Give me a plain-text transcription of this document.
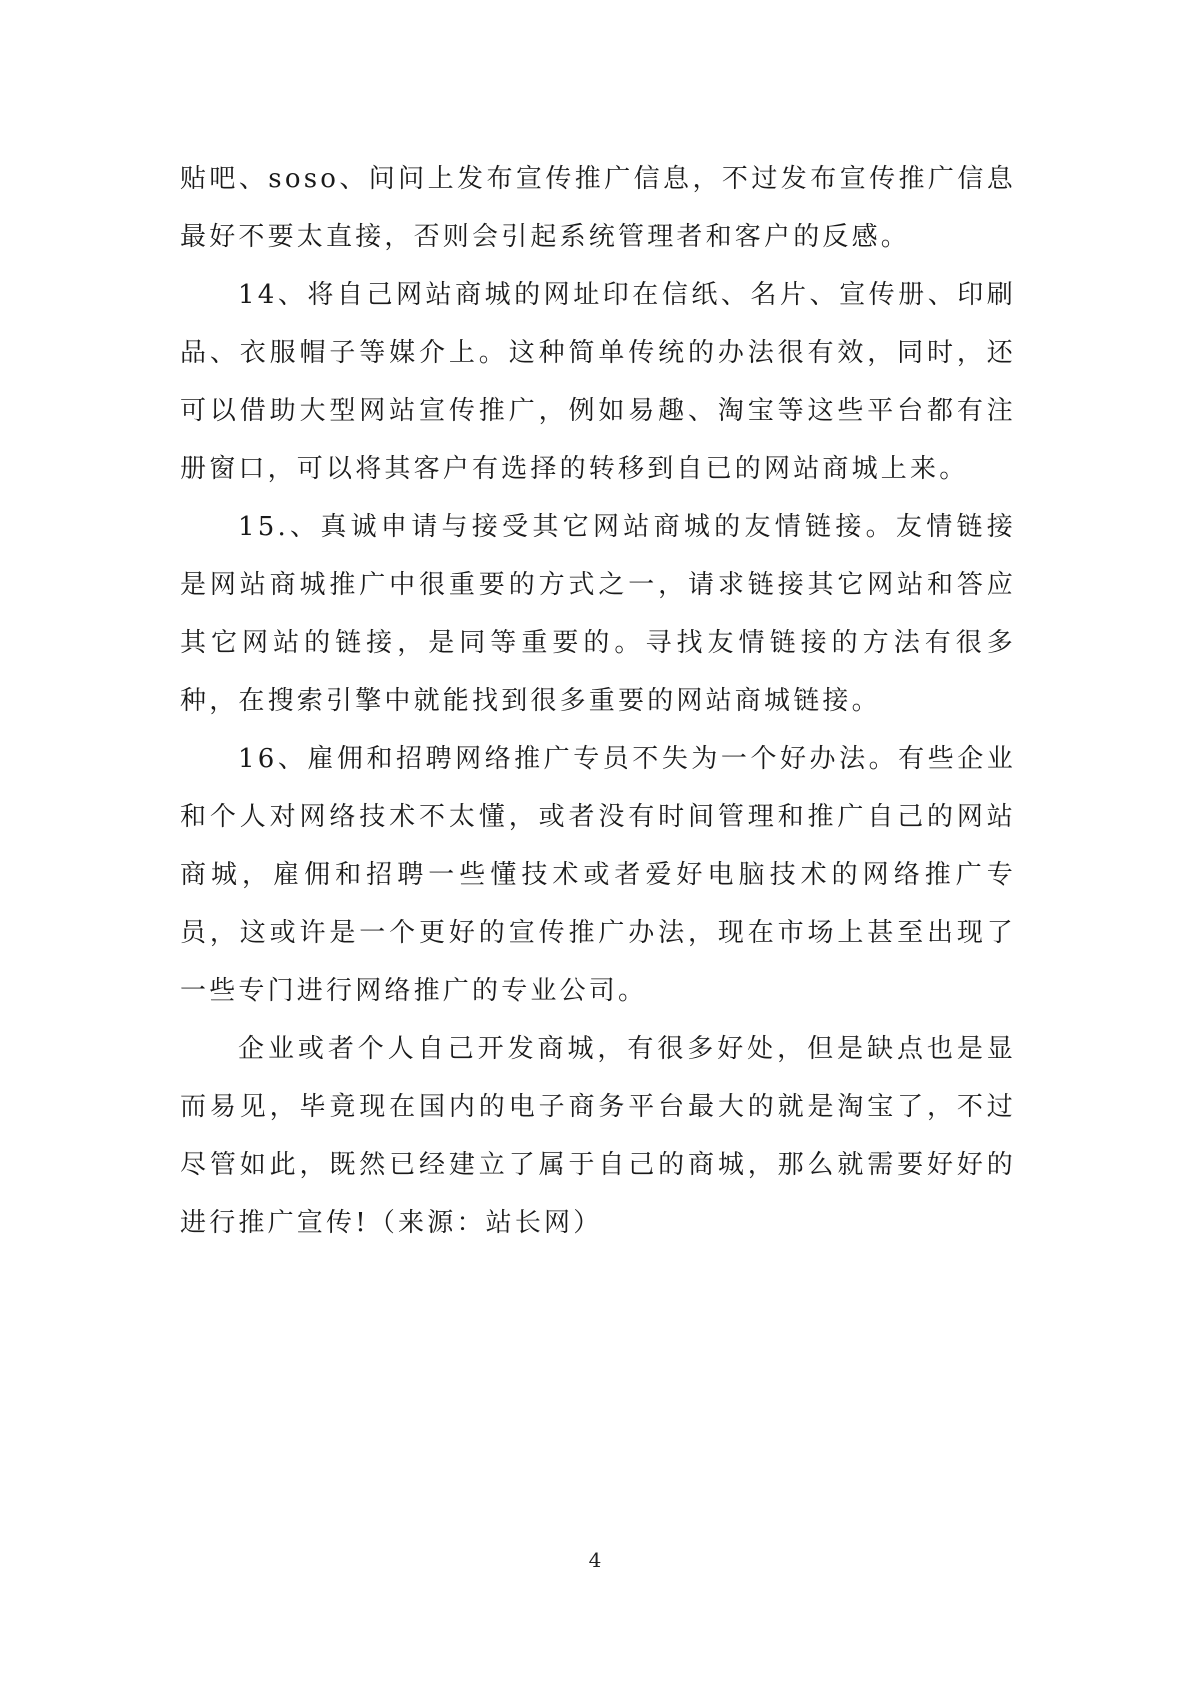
贴吧、soso、问问上发布宣传推广信息，不过发布宣传推广信息最好不要太直接，否则会引起系统管理者和客户的反感。

14、将自己网站商城的网址印在信纸、名片、宣传册、印刷品、衣服帽子等媒介上。这种简单传统的办法很有效，同时，还可以借助大型网站宣传推广，例如易趣、淘宝等这些平台都有注册窗口，可以将其客户有选择的转移到自已的网站商城上来。

15.、真诚申请与接受其它网站商城的友情链接。友情链接是网站商城推广中很重要的方式之一，请求链接其它网站和答应其它网站的链接，是同等重要的。寻找友情链接的方法有很多种，在搜索引擎中就能找到很多重要的网站商城链接。

16、雇佣和招聘网络推广专员不失为一个好办法。有些企业和个人对网络技术不太懂，或者没有时间管理和推广自己的网站商城，雇佣和招聘一些懂技术或者爱好电脑技术的网络推广专员，这或许是一个更好的宣传推广办法，现在市场上甚至出现了一些专门进行网络推广的专业公司。

企业或者个人自己开发商城，有很多好处，但是缺点也是显而易见，毕竟现在国内的电子商务平台最大的就是淘宝了，不过尽管如此，既然已经建立了属于自己的商城，那么就需要好好的进行推广宣传!（来源：站长网）

4
